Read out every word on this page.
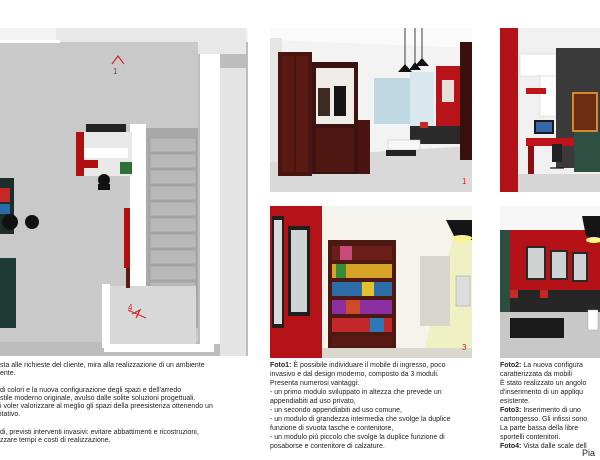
1
4
1
3
sta alle richieste del cliente, mira alla realizzazione di un ambiente
ente.
di colori e la nuova configurazione degli spazi e dell'arredo
stile moderno originale, avulso dalle solite soluzioni progettuali.
i voler valorizzare al meglio gli spazi della preesistenza ottenendo un
itativo.
di, previsti interventi invasivi: evitare abbattimenti e ricostruzioni,
zzare tempi e costi di realizzazione.
Foto1: È possibile individuare il mobile di ingresso, poco
invasivo e dal design moderno, composto da 3 moduli.
Presenta numerosi vantaggi:
- un primo modulo sviluppato in altezza che prevede un
appendiabiti ad uso privato,
- un secondo appendiabiti ad uso comune,
- un modulo di grandezza intermedia che svolge la duplice
funzione di svuota tasche e contenitore,
- un modulo più piccolo che svolge la duplice funzione di
posaborse e contenitore di calzature.
Foto2: La nuova configura
caratterizzata da mobili
È stato realizzato un angolo
d'inserimento di un appliqu
esistente.
Foto3: Inserimento di uno
cartongesso. Gli infissi sono
La parte bassa della libre
sportelli contenitori.
Foto4: Vista dalle scale dell
Pia
